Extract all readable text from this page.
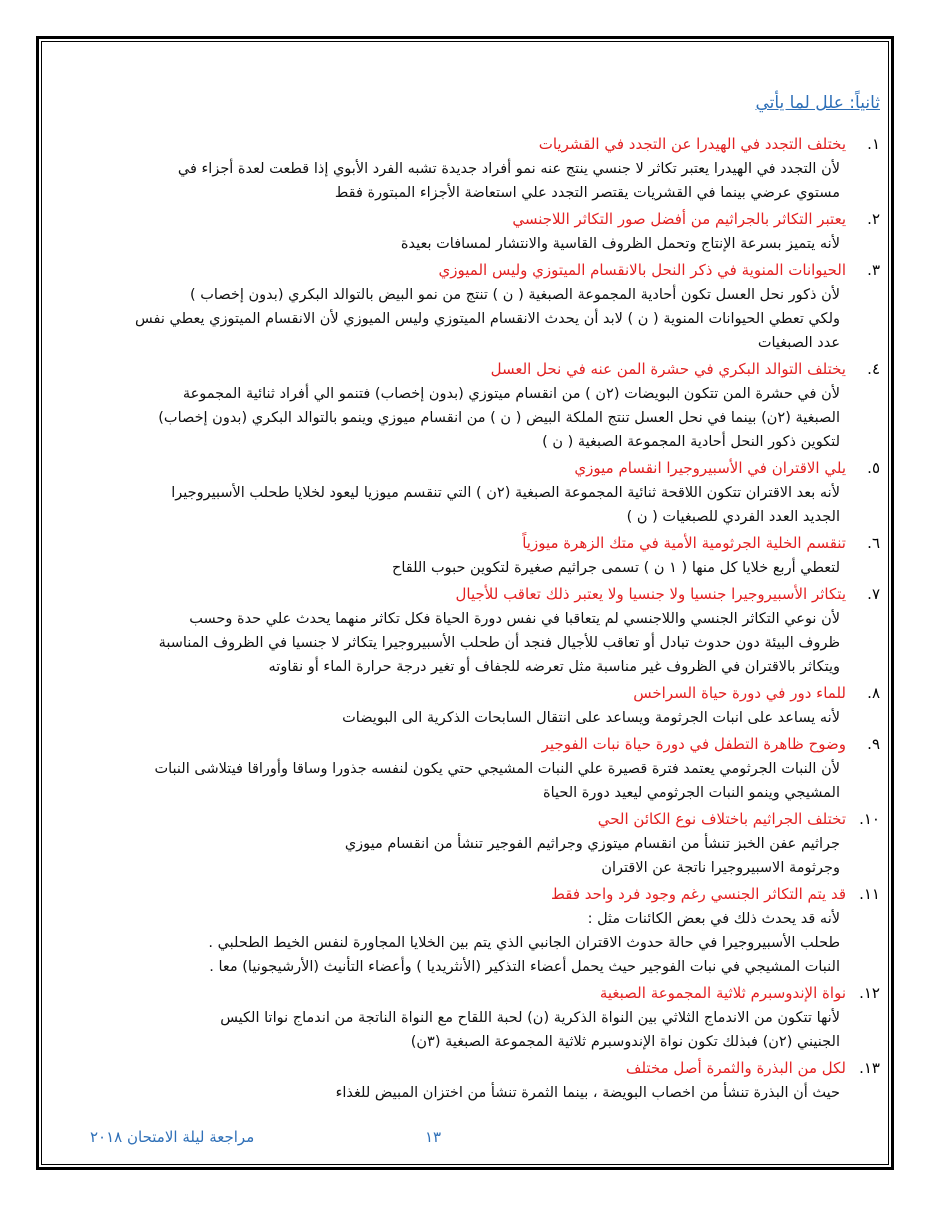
ثانياً: علل لما يأتي
١.
يختلف التجدد في الهيدرا عن التجدد في القشريات
لأن التجدد في الهيدرا يعتبر تكاثر لا جنسي ينتج عنه نمو أفراد جديدة تشبه الفرد الأبوي إذا قطعت لعدة أجزاء في
مستوي عرضي بينما في القشريات يقتصر التجدد علي استعاضة الأجزاء المبتورة فقط
٢.
يعتبر التكاثر بالجراثيم من أفضل صور التكاثر اللاجنسي
لأنه يتميز بسرعة الإنتاج وتحمل الظروف القاسية والانتشار لمسافات بعيدة
٣.
الحيوانات المنوية في ذكر النحل بالانقسام الميتوزي وليس الميوزي
لأن ذكور نحل العسل تكون أحادية المجموعة الصبغية ( ن ) تنتج من نمو البيض بالتوالد البكري (بدون إخصاب )
ولكي تعطي الحيوانات المنوية ( ن ) لابد أن يحدث الانقسام الميتوزي وليس الميوزي لأن الانقسام الميتوزي يعطي نفس
عدد الصبغيات
٤.
يختلف التوالد البكري في حشرة المن عنه في نحل العسل
لأن في حشرة المن تتكون البويضات (٢ن ) من انقسام ميتوزي (بدون إخصاب) فتنمو الي أفراد ثنائية المجموعة
الصبغية (٢ن) بينما في نحل العسل تنتج الملكة البيض ( ن ) من انقسام ميوزي وينمو بالتوالد البكري (بدون إخصاب)
لتكوين ذكور النحل أحادية المجموعة الصبغية ( ن )
٥.
يلي الاقتران في الأسبيروجيرا انقسام ميوزي
لأنه بعد الاقتران تتكون اللاقحة ثنائية المجموعة الصبغية (٢ن ) التي تنقسم ميوزيا ليعود لخلايا طحلب الأسبيروجيرا
الجديد العدد الفردي للصبغيات ( ن )
٦.
تنقسم الخلية الجرثومية الأمية في متك الزهرة ميوزياً
لتعطي أربع خلايا كل منها ( ١ ن ) تسمى جراثيم صغيرة لتكوين حبوب اللقاح
٧.
يتكاثر الأسبيروجيرا جنسيا ولا جنسيا ولا يعتبر ذلك تعاقب للأجيال
لأن نوعي التكاثر الجنسي واللاجنسي لم يتعاقبا في نفس دورة الحياة فكل تكاثر منهما يحدث علي حدة وحسب
ظروف البيئة دون حدوث تبادل أو تعاقب للأجيال فنجد أن طحلب الأسبيروجيرا يتكاثر لا جنسيا في الظروف المناسبة
ويتكاثر بالاقتران في الظروف غير مناسبة مثل تعرضه للجفاف أو تغير درجة حرارة الماء أو نقاوته
٨.
للماء دور في دورة حياة السراخس
لأنه يساعد على انبات الجرثومة ويساعد على انتقال السابحات الذكرية الى البويضات
٩.
وضوح ظاهرة التطفل في دورة حياة نبات الفوجير
لأن النبات الجرثومي يعتمد فترة قصيرة علي النبات المشيجي حتي يكون لنفسه جذورا وساقا وأوراقا فيتلاشى النبات
المشيجي وينمو النبات الجرثومي ليعيد دورة الحياة
١٠.
تختلف الجراثيم باختلاف نوع الكائن الحي
جراثيم عفن الخبز تنشأ من انقسام ميتوزي وجراثيم الفوجير تنشأ من انقسام ميوزي
وجرثومة الاسبيروجيرا ناتجة عن الاقتران
١١.
قد يتم التكاثر الجنسي رغم وجود فرد واحد فقط
لأنه قد يحدث ذلك في بعض الكائنات مثل :
طحلب الأسبيروجيرا في حالة حدوث الاقتران الجانبي الذي يتم بين الخلايا المجاورة لنفس الخيط الطحلبي .
النبات المشيجي في نبات الفوجير حيث يحمل أعضاء التذكير (الأنثريديا ) وأعضاء التأنيث (الأرشيجونيا) معا .
١٢.
نواة الإندوسبرم ثلاثية المجموعة الصبغية
لأنها تتكون من الاندماج الثلاثي بين النواة الذكرية (ن) لحبة اللقاح مع النواة الناتجة من اندماج نواتا الكيس
الجنيني (٢ن) فبذلك تكون نواة الإندوسبرم ثلاثية المجموعة الصبغية (٣ن)
١٣.
لكل من البذرة والثمرة أصل مختلف
حيث أن البذرة تنشأ من اخصاب البويضة ، بينما الثمرة تنشأ من اختزان المبيض للغذاء
مراجعة ليلة الامتحان ٢٠١٨	١٣
